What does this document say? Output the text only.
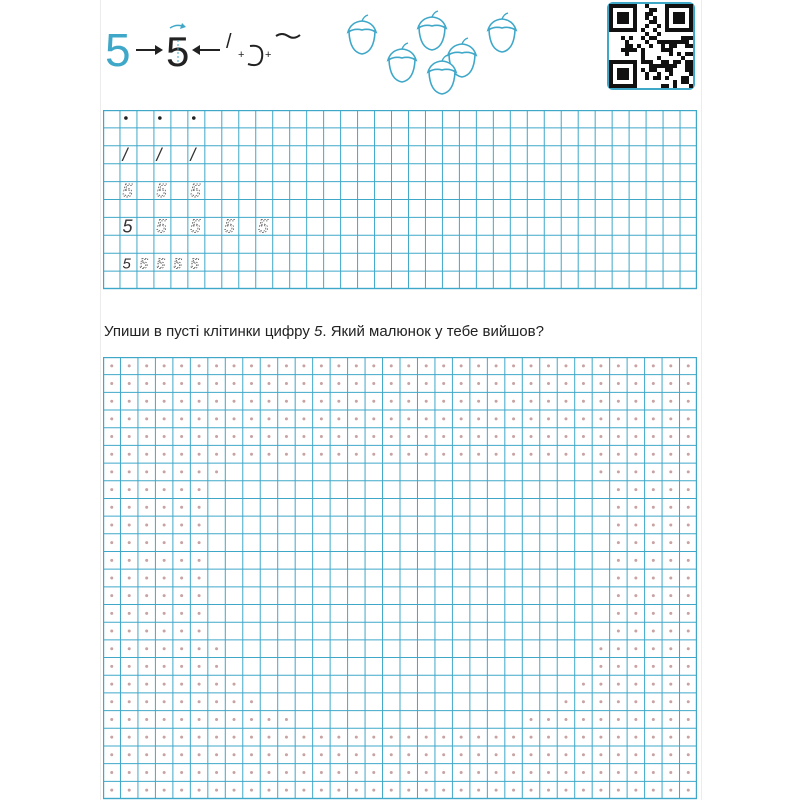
5 5 /
+ +
/ / /
5 5 5
5 5 5 5 5
5 5 5 5 5
Упиши в пусті клітинки цифру 5. Який малюнок у тебе вийшов?
